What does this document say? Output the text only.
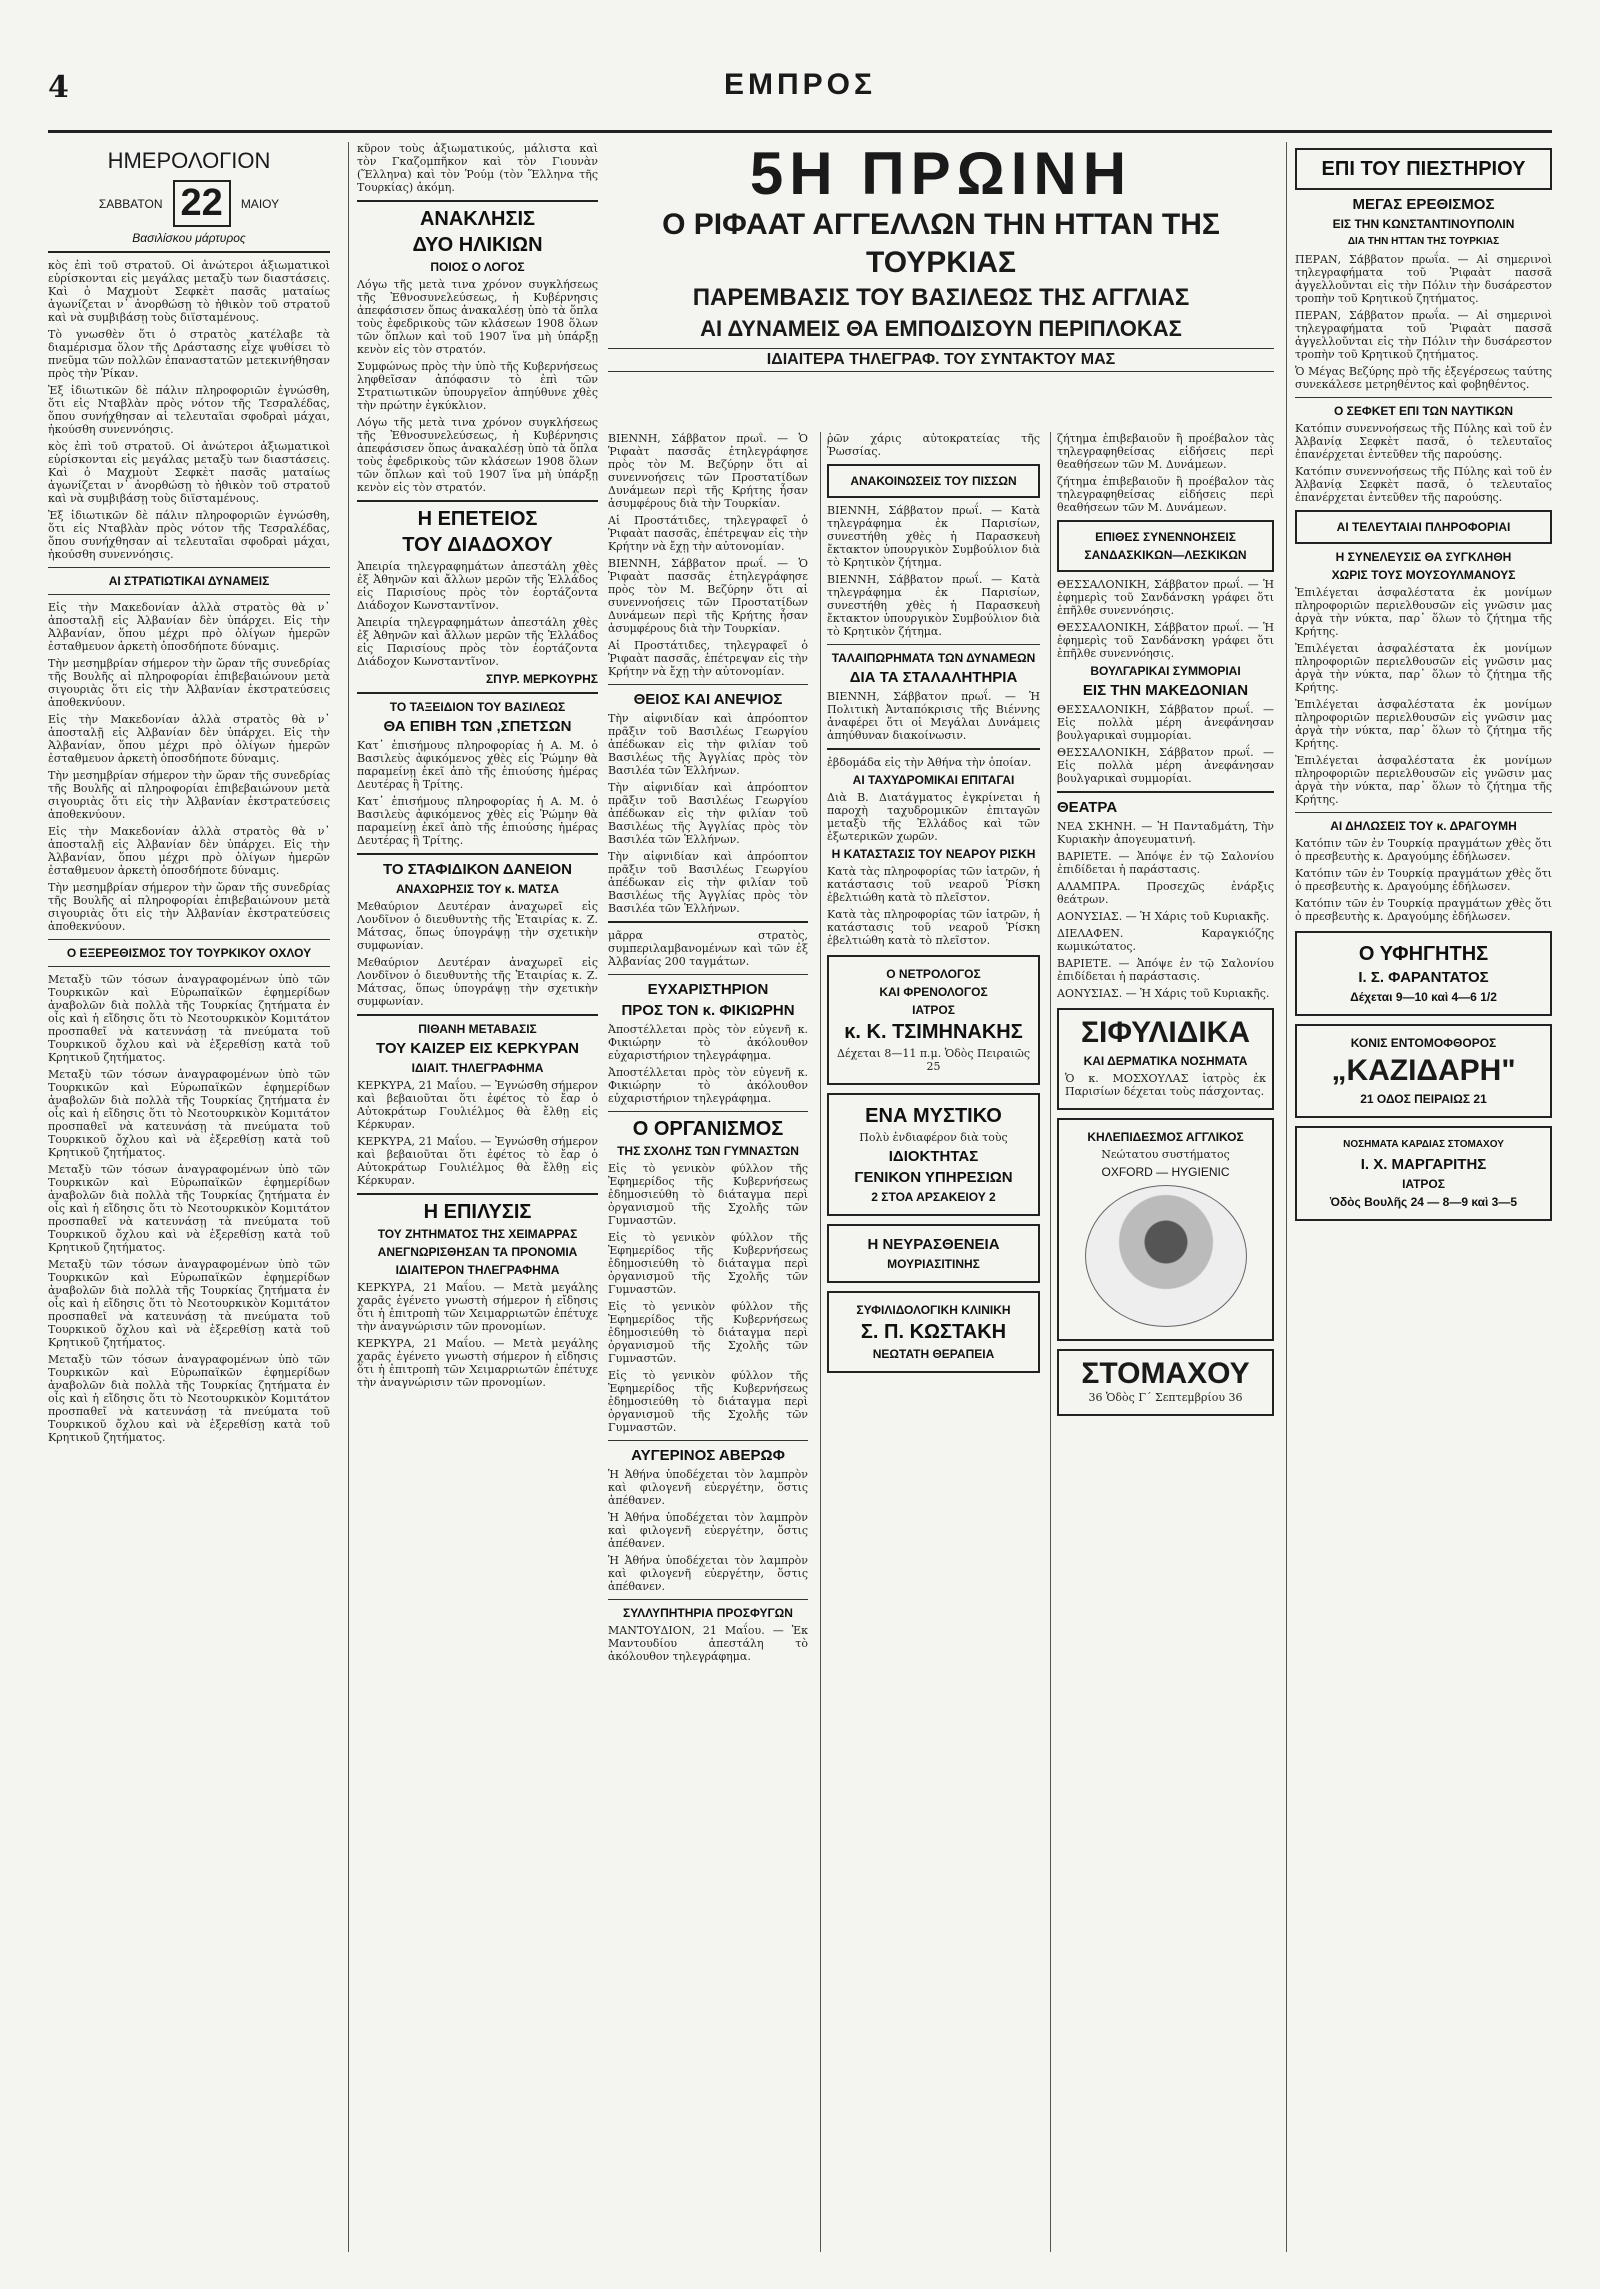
4	ΕΜΠΡΟΣ
ΗΜΕΡΟΛΟΓΙΟΝ
ΣΑΒΒΑΤΟΝ 22	ΜΑΙΟΥ
Βασιλίσκου μάρτυρος

κὸς ἐπὶ τοῦ στρατοῦ. Οἱ ἀνώτεροι ἀξιωματικοὶ εὑρίσκονται εἰς μεγάλας μεταξὺ των διαστάσεις. Καὶ ὁ Μαχμοὺτ Σεφκὲτ πασᾶς ματαίως ἀγωνίζεται ν᾿ ἀνορθώσῃ τὸ ἠθικὸν τοῦ στρατοῦ καὶ νὰ συμβιβάσῃ τοὺς διϊσταμένους.

Τὸ γνωσθὲν ὅτι ὁ στρατὸς κατέλαβε τὰ διαμέρισμα ὅλον τῆς Δράστασης εἶχε ψυθίσει τὸ πνεῦμα τῶν πολλῶν ἐπαναστατῶν μετεκινήθησαν πρὸς τὴν Ῥίκαν.

Ἐξ ἰδιωτικῶν δὲ πάλιν πληροφοριῶν ἐγνώσθη, ὅτι εἰς Νταβλὰν πρὸς νότον τῆς Τεσραλέδας, ὅπου συνήχθησαν αἱ τελευταῖαι σφοδραὶ μάχαι, ἠκούσθη συνεννόησις.

κὸς ἐπὶ τοῦ στρατοῦ. Οἱ ἀνώτεροι ἀξιωματικοὶ εὑρίσκονται εἰς μεγάλας μεταξὺ των διαστάσεις. Καὶ ὁ Μαχμοὺτ Σεφκὲτ πασᾶς ματαίως ἀγωνίζεται ν᾿ ἀνορθώσῃ τὸ ἠθικὸν τοῦ στρατοῦ καὶ νὰ συμβιβάσῃ τοὺς διϊσταμένους.

Ἐξ ἰδιωτικῶν δὲ πάλιν πληροφοριῶν ἐγνώσθη, ὅτι εἰς Νταβλὰν πρὸς νότον τῆς Τεσραλέδας, ὅπου συνήχθησαν αἱ τελευταῖαι σφοδραὶ μάχαι, ἠκούσθη συνεννόησις.

ΑΙ ΣΤΡΑΤΙΩΤΙΚΑΙ ΔΥΝΑΜΕΙΣ

Εἰς τὴν Μακεδονίαν ἀλλὰ στρατὸς θὰ ν᾿ ἀποσταλῇ εἰς Ἀλβανίαν δὲν ὑπάρχει. Εἰς τὴν Ἀλβανίαν, ὅπου μέχρι πρὸ ὀλίγων ἡμερῶν ἐσταθμευον ἀρκετὴ ὀποσδήποτε δύναμις.

Τὴν μεσημβρίαν σήμερον τὴν ὥραν τῆς συνεδρίας τῆς Βουλῆς αἱ πληροφορίαι ἐπιβεβαιώνουν μετὰ σιγουριὰς ὅτι εἰς τὴν Ἀλβανίαν ἐκστρατεύσεις ἀποθεκνύουν.

Εἰς τὴν Μακεδονίαν ἀλλὰ στρατὸς θὰ ν᾿ ἀποσταλῇ εἰς Ἀλβανίαν δὲν ὑπάρχει. Εἰς τὴν Ἀλβανίαν, ὅπου μέχρι πρὸ ὀλίγων ἡμερῶν ἐσταθμευον ἀρκετὴ ὀποσδήποτε δύναμις.

Τὴν μεσημβρίαν σήμερον τὴν ὥραν τῆς συνεδρίας τῆς Βουλῆς αἱ πληροφορίαι ἐπιβεβαιώνουν μετὰ σιγουριὰς ὅτι εἰς τὴν Ἀλβανίαν ἐκστρατεύσεις ἀποθεκνύουν.

Εἰς τὴν Μακεδονίαν ἀλλὰ στρατὸς θὰ ν᾿ ἀποσταλῇ εἰς Ἀλβανίαν δὲν ὑπάρχει. Εἰς τὴν Ἀλβανίαν, ὅπου μέχρι πρὸ ὀλίγων ἡμερῶν ἐσταθμευον ἀρκετὴ ὀποσδήποτε δύναμις.

Τὴν μεσημβρίαν σήμερον τὴν ὥραν τῆς συνεδρίας τῆς Βουλῆς αἱ πληροφορίαι ἐπιβεβαιώνουν μετὰ σιγουριὰς ὅτι εἰς τὴν Ἀλβανίαν ἐκστρατεύσεις ἀποθεκνύουν.

Ο ΕΞΕΡΕΘΙΣΜΟΣ ΤΟΥ ΤΟΥΡΚΙΚΟΥ ΟΧΛΟΥ

Μεταξὺ τῶν τόσων ἀναγραφομένων ὑπὸ τῶν Τουρκικῶν καὶ Εὐρωπαϊκῶν ἐφημερίδων ἀναβολῶν διὰ πολλὰ τῆς Τουρκίας ζητήματα ἐν οἷς καὶ ἡ εἴδησις ὅτι τὸ Νεοτουρκικὸν Κομιτάτον προσπαθεῖ νὰ κατευνάσῃ τὰ πνεύματα τοῦ Τουρκικοῦ ὄχλου καὶ νὰ ἐξερεθίσῃ κατὰ τοῦ Κρητικοῦ ζητήματος.

Μεταξὺ τῶν τόσων ἀναγραφομένων ὑπὸ τῶν Τουρκικῶν καὶ Εὐρωπαϊκῶν ἐφημερίδων ἀναβολῶν διὰ πολλὰ τῆς Τουρκίας ζητήματα ἐν οἷς καὶ ἡ εἴδησις ὅτι τὸ Νεοτουρκικὸν Κομιτάτον προσπαθεῖ νὰ κατευνάσῃ τὰ πνεύματα τοῦ Τουρκικοῦ ὄχλου καὶ νὰ ἐξερεθίσῃ κατὰ τοῦ Κρητικοῦ ζητήματος.

Μεταξὺ τῶν τόσων ἀναγραφομένων ὑπὸ τῶν Τουρκικῶν καὶ Εὐρωπαϊκῶν ἐφημερίδων ἀναβολῶν διὰ πολλὰ τῆς Τουρκίας ζητήματα ἐν οἷς καὶ ἡ εἴδησις ὅτι τὸ Νεοτουρκικὸν Κομιτάτον προσπαθεῖ νὰ κατευνάσῃ τὰ πνεύματα τοῦ Τουρκικοῦ ὄχλου καὶ νὰ ἐξερεθίσῃ κατὰ τοῦ Κρητικοῦ ζητήματος.

Μεταξὺ τῶν τόσων ἀναγραφομένων ὑπὸ τῶν Τουρκικῶν καὶ Εὐρωπαϊκῶν ἐφημερίδων ἀναβολῶν διὰ πολλὰ τῆς Τουρκίας ζητήματα ἐν οἷς καὶ ἡ εἴδησις ὅτι τὸ Νεοτουρκικὸν Κομιτάτον προσπαθεῖ νὰ κατευνάσῃ τὰ πνεύματα τοῦ Τουρκικοῦ ὄχλου καὶ νὰ ἐξερεθίσῃ κατὰ τοῦ Κρητικοῦ ζητήματος.

Μεταξὺ τῶν τόσων ἀναγραφομένων ὑπὸ τῶν Τουρκικῶν καὶ Εὐρωπαϊκῶν ἐφημερίδων ἀναβολῶν διὰ πολλὰ τῆς Τουρκίας ζητήματα ἐν οἷς καὶ ἡ εἴδησις ὅτι τὸ Νεοτουρκικὸν Κομιτάτον προσπαθεῖ νὰ κατευνάσῃ τὰ πνεύματα τοῦ Τουρκικοῦ ὄχλου καὶ νὰ ἐξερεθίσῃ κατὰ τοῦ Κρητικοῦ ζητήματος.

κῦρον τοὺς ἀξιωματικούς, μάλιστα καὶ τὸν Γκαζομπῆκον καὶ τὸν Γιουνὰν (Ἕλληνα) καὶ τὸν Ῥούμ (τὸν Ἕλληνα τῆς Τουρκίας) ἀκόμη.

ΑΝΑΚΛΗΣΙΣ
ΔΥΟ ΗΛΙΚΙΩΝ
ΠΟΙΟΣ Ο ΛΟΓΟΣ

Λόγω τῆς μετὰ τινα χρόνον συγκλήσεως τῆς Ἐθνοσυνελεύσεως, ἡ Κυβέρνησις ἀπεφάσισεν ὅπως ἀνακαλέσῃ ὑπὸ τὰ ὅπλα τοὺς ἐφεδρικοὺς τῶν κλάσεων 1908 ὅλων τῶν ὅπλων καὶ τοῦ 1907 ἵνα μὴ ὑπάρξῃ κενὸν εἰς τὸν στρατόν.

Συμφώνως πρὸς τὴν ὑπὸ τῆς Κυβερνήσεως ληφθεῖσαν ἀπόφασιν τὸ ἐπὶ τῶν Στρατιωτικῶν ὑπουργεῖον ἀπηύθυνε χθὲς τὴν πρώτην ἐγκύκλιον.

Λόγω τῆς μετὰ τινα χρόνον συγκλήσεως τῆς Ἐθνοσυνελεύσεως, ἡ Κυβέρνησις ἀπεφάσισεν ὅπως ἀνακαλέσῃ ὑπὸ τὰ ὅπλα τοὺς ἐφεδρικοὺς τῶν κλάσεων 1908 ὅλων τῶν ὅπλων καὶ τοῦ 1907 ἵνα μὴ ὑπάρξῃ κενὸν εἰς τὸν στρατόν.

Η ΕΠΕΤΕΙΟΣ
ΤΟΥ ΔΙΑΔΟΧΟΥ

Ἀπειρία τηλεγραφημάτων ἀπεστάλη χθὲς ἐξ Ἀθηνῶν καὶ ἄλλων μερῶν τῆς Ἑλλάδος εἰς Παρισίους πρὸς τὸν ἑορτάζοντα Διάδοχον Κωνσταντῖνον.

Ἀπειρία τηλεγραφημάτων ἀπεστάλη χθὲς ἐξ Ἀθηνῶν καὶ ἄλλων μερῶν τῆς Ἑλλάδος εἰς Παρισίους πρὸς τὸν ἑορτάζοντα Διάδοχον Κωνσταντῖνον.

ΣΠΥΡ. ΜΕΡΚΟΥΡΗΣ
ΤΟ ΤΑΞΕΙΔΙΟΝ ΤΟΥ ΒΑΣΙΛΕΩΣ
ΘΑ ΕΠΙΒΗ ΤΩΝ ,ΣΠΕΤΣΩΝ

Κατ᾿ ἐπισήμους πληροφορίας ἡ Α. Μ. ὁ Βασιλεὺς ἀφικόμενος χθὲς εἰς Ῥώμην θὰ παραμείνῃ ἐκεῖ ἀπὸ τῆς ἐπιούσης ἡμέρας Δευτέρας ἢ Τρίτης.

Κατ᾿ ἐπισήμους πληροφορίας ἡ Α. Μ. ὁ Βασιλεὺς ἀφικόμενος χθὲς εἰς Ῥώμην θὰ παραμείνῃ ἐκεῖ ἀπὸ τῆς ἐπιούσης ἡμέρας Δευτέρας ἢ Τρίτης.

ΤΟ ΣΤΑΦΙΔΙΚΟΝ ΔΑΝΕΙΟΝ
ΑΝΑΧΩΡΗΣΙΣ ΤΟΥ κ. ΜΑΤΣΑ

Μεθαύριον Δευτέραν ἀναχωρεῖ εἰς Λονδῖνον ὁ διευθυντὴς τῆς Ἑταιρίας κ. Ζ. Μάτσας, ὅπως ὑπογράψῃ τὴν σχετικὴν συμφωνίαν.

Μεθαύριον Δευτέραν ἀναχωρεῖ εἰς Λονδῖνον ὁ διευθυντὴς τῆς Ἑταιρίας κ. Ζ. Μάτσας, ὅπως ὑπογράψῃ τὴν σχετικὴν συμφωνίαν.

ΠΙΘΑΝΗ ΜΕΤΑΒΑΣΙΣ
ΤΟΥ ΚΑΙΖΕΡ ΕΙΣ ΚΕΡΚΥΡΑΝ
ΙΔΙΑΙΤ. ΤΗΛΕΓΡΑΦΗΜΑ

ΚΕΡΚΥΡΑ, 21 Μαΐου. — Ἐγνώσθη σήμερον καὶ βεβαιοῦται ὅτι ἐφέτος τὸ ἔαρ ὁ Αὐτοκράτωρ Γουλιέλμος θὰ ἔλθῃ εἰς Κέρκυραν.

ΚΕΡΚΥΡΑ, 21 Μαΐου. — Ἐγνώσθη σήμερον καὶ βεβαιοῦται ὅτι ἐφέτος τὸ ἔαρ ὁ Αὐτοκράτωρ Γουλιέλμος θὰ ἔλθῃ εἰς Κέρκυραν.

Η ΕΠΙΛΥΣΙΣ
ΤΟΥ ΖΗΤΗΜΑΤΟΣ ΤΗΣ ΧΕΙΜΑΡΡΑΣ
ΑΝΕΓΝΩΡΙΣΘΗΣΑΝ ΤΑ ΠΡΟΝΟΜΙΑ
ΙΔΙΑΙΤΕΡΟΝ ΤΗΛΕΓΡΑΦΗΜΑ

ΚΕΡΚΥΡΑ, 21 Μαΐου. — Μετὰ μεγάλης χαρᾶς ἐγένετο γνωστὴ σήμερον ἡ εἴδησις ὅτι ἡ ἐπιτροπὴ τῶν Χειμαρριωτῶν ἐπέτυχε τὴν ἀναγνώρισιν τῶν προνομίων.

ΚΕΡΚΥΡΑ, 21 Μαΐου. — Μετὰ μεγάλης χαρᾶς ἐγένετο γνωστὴ σήμερον ἡ εἴδησις ὅτι ἡ ἐπιτροπὴ τῶν Χειμαρριωτῶν ἐπέτυχε τὴν ἀναγνώρισιν τῶν προνομίων.

5Η ΠΡΩΙΝΗ
Ο ΡΙΦΑΑΤ ΑΓΓΕΛΛΩΝ ΤΗΝ ΗΤΤΑΝ ΤΗΣ ΤΟΥΡΚΙΑΣ
ΠΑΡΕΜΒΑΣΙΣ ΤΟΥ ΒΑΣΙΛΕΩΣ ΤΗΣ ΑΓΓΛΙΑΣ
ΑΙ ΔΥΝΑΜΕΙΣ ΘΑ ΕΜΠΟΔΙΣΟΥΝ ΠΕΡΙΠΛΟΚΑΣ
ΙΔΙΑΙΤΕΡΑ ΤΗΛΕΓΡΑΦ. ΤΟΥ ΣΥΝΤΑΚΤΟΥ ΜΑΣ

ΒΙΕΝΝΗ, Σάββατον πρωΐ. — Ὁ Ῥιφαὰτ πασσᾶς ἐτηλεγράφησε πρὸς τὸν Μ. Βεζύρην ὅτι αἱ συνεννοήσεις τῶν Προστατίδων Δυνάμεων περὶ τῆς Κρήτης ἦσαν ἀσυμφέρους διὰ τὴν Τουρκίαν.

Αἱ Προστάτιδες, τηλεγραφεῖ ὁ Ῥιφαὰτ πασσᾶς, ἐπέτρεψαν εἰς τὴν Κρήτην νὰ ἔχῃ τὴν αὐτονομίαν.

ΒΙΕΝΝΗ, Σάββατον πρωΐ. — Ὁ Ῥιφαὰτ πασσᾶς ἐτηλεγράφησε πρὸς τὸν Μ. Βεζύρην ὅτι αἱ συνεννοήσεις τῶν Προστατίδων Δυνάμεων περὶ τῆς Κρήτης ἦσαν ἀσυμφέρους διὰ τὴν Τουρκίαν.

Αἱ Προστάτιδες, τηλεγραφεῖ ὁ Ῥιφαὰτ πασσᾶς, ἐπέτρεψαν εἰς τὴν Κρήτην νὰ ἔχῃ τὴν αὐτονομίαν.

ΘΕΙΟΣ ΚΑΙ ΑΝΕΨΙΟΣ

Τὴν αἰφνιδίαν καὶ ἀπρόοπτον πρᾶξιν τοῦ Βασιλέως Γεωργίου ἀπέδωκαν εἰς τὴν φιλίαν τοῦ Βασιλέως τῆς Ἀγγλίας πρὸς τὸν Βασιλέα τῶν Ἑλλήνων.

Τὴν αἰφνιδίαν καὶ ἀπρόοπτον πρᾶξιν τοῦ Βασιλέως Γεωργίου ἀπέδωκαν εἰς τὴν φιλίαν τοῦ Βασιλέως τῆς Ἀγγλίας πρὸς τὸν Βασιλέα τῶν Ἑλλήνων.

Τὴν αἰφνιδίαν καὶ ἀπρόοπτον πρᾶξιν τοῦ Βασιλέως Γεωργίου ἀπέδωκαν εἰς τὴν φιλίαν τοῦ Βασιλέως τῆς Ἀγγλίας πρὸς τὸν Βασιλέα τῶν Ἑλλήνων.

μᾶρρα στρατὸς, συμπεριλαμβανομένων καὶ τῶν ἐξ Ἀλβανίας 200 ταγμάτων.

ΕΥΧΑΡΙΣΤΗΡΙΟΝ
ΠΡΟΣ ΤΟΝ κ. ΦΙΚΙΩΡΗΝ

Ἀποστέλλεται πρὸς τὸν εὐγενῆ κ. Φικιώρην τὸ ἀκόλουθον εὐχαριστήριον τηλεγράφημα.

Ἀποστέλλεται πρὸς τὸν εὐγενῆ κ. Φικιώρην τὸ ἀκόλουθον εὐχαριστήριον τηλεγράφημα.

Ο ΟΡΓΑΝΙΣΜΟΣ
ΤΗΣ ΣΧΟΛΗΣ ΤΩΝ ΓΥΜΝΑΣΤΩΝ

Εἰς τὸ γενικὸν φύλλον τῆς Ἐφημερίδος τῆς Κυβερνήσεως ἐδημοσιεύθη τὸ διάταγμα περὶ ὀργανισμοῦ τῆς Σχολῆς τῶν Γυμναστῶν.

Εἰς τὸ γενικὸν φύλλον τῆς Ἐφημερίδος τῆς Κυβερνήσεως ἐδημοσιεύθη τὸ διάταγμα περὶ ὀργανισμοῦ τῆς Σχολῆς τῶν Γυμναστῶν.

Εἰς τὸ γενικὸν φύλλον τῆς Ἐφημερίδος τῆς Κυβερνήσεως ἐδημοσιεύθη τὸ διάταγμα περὶ ὀργανισμοῦ τῆς Σχολῆς τῶν Γυμναστῶν.

Εἰς τὸ γενικὸν φύλλον τῆς Ἐφημερίδος τῆς Κυβερνήσεως ἐδημοσιεύθη τὸ διάταγμα περὶ ὀργανισμοῦ τῆς Σχολῆς τῶν Γυμναστῶν.

ΑΥΓΕΡΙΝΟΣ ΑΒΕΡΩΦ

Ἡ Ἀθήνα ὑποδέχεται τὸν λαμπρὸν καὶ φιλογενῆ εὐεργέτην, ὅστις ἀπέθανεν.

Ἡ Ἀθήνα ὑποδέχεται τὸν λαμπρὸν καὶ φιλογενῆ εὐεργέτην, ὅστις ἀπέθανεν.

Ἡ Ἀθήνα ὑποδέχεται τὸν λαμπρὸν καὶ φιλογενῆ εὐεργέτην, ὅστις ἀπέθανεν.

ΣΥΛΛΥΠΗΤΗΡΙΑ ΠΡΟΣΦΥΓΩΝ

ΜΑΝΤΟΥΔΙΟΝ, 21 Μαΐου. — Ἐκ Μαντουδίου ἀπεστάλη τὸ ἀκόλουθον τηλεγράφημα.

ῥῶν χάρις αὐτοκρατείας τῆς Ῥωσσίας.

ΑΝΑΚΟΙΝΩΣΕΙΣ ΤΟΥ ΠΙΣΣΩΝ

ΒΙΕΝΝΗ, Σάββατον πρωΐ. — Κατὰ τηλεγράφημα ἐκ Παρισίων, συνεστήθη χθὲς ἡ Παρασκευὴ ἔκτακτον ὑπουργικὸν Συμβούλιον διὰ τὸ Κρητικὸν ζήτημα.

ΒΙΕΝΝΗ, Σάββατον πρωΐ. — Κατὰ τηλεγράφημα ἐκ Παρισίων, συνεστήθη χθὲς ἡ Παρασκευὴ ἔκτακτον ὑπουργικὸν Συμβούλιον διὰ τὸ Κρητικὸν ζήτημα.

ΤΑΛΑΙΠΩΡΗΜΑΤΑ ΤΩΝ ΔΥΝΑΜΕΩΝ
ΔΙΑ ΤΑ ΣΤΑΛΑΛΗΤΗΡΙΑ

ΒΙΕΝΝΗ, Σάββατον πρωΐ. — Ἡ Πολιτικὴ Ἀνταπόκρισις τῆς Βιέννης ἀναφέρει ὅτι οἱ Μεγάλαι Δυνάμεις ἀπηύθυναν διακοίνωσιν.

ἐβδομάδα εἰς τὴν Ἀθήνα τὴν ὁποίαν.

ΑΙ ΤΑΧΥΔΡΟΜΙΚΑΙ ΕΠΙΤΑΓΑΙ

Διὰ Β. Διατάγματος ἐγκρίνεται ἡ παροχὴ ταχυδρομικῶν ἐπιταγῶν μεταξὺ τῆς Ἑλλάδος καὶ τῶν ἐξωτερικῶν χωρῶν.

Η ΚΑΤΑΣΤΑΣΙΣ ΤΟΥ ΝΕΑΡΟΥ ΡΙΣΚΗ

Κατὰ τὰς πληροφορίας τῶν ἰατρῶν, ἡ κατάστασις τοῦ νεαροῦ Ῥίσκη ἐβελτιώθη κατὰ τὸ πλεῖστον.

Κατὰ τὰς πληροφορίας τῶν ἰατρῶν, ἡ κατάστασις τοῦ νεαροῦ Ῥίσκη ἐβελτιώθη κατὰ τὸ πλεῖστον.

Ο ΝΕΤΡΟΛΟΓΟΣ
ΚΑΙ ΦΡΕΝΟΛΟΓΟΣ
ΙΑΤΡΟΣ
κ. Κ. ΤΣΙΜΗΝΑΚΗΣ
Δέχεται 8—11 π.μ. Ὁδὸς Πειραιῶς 25
ΕΝΑ ΜΥΣΤΙΚΟ
Πολὺ ἐνδιαφέρον διὰ τοὺς
ΙΔΙΟΚΤΗΤΑΣ
ΓΕΝΙΚΟΝ ΥΠΗΡΕΣΙΩΝ
2 ΣΤΟΑ ΑΡΣΑΚΕΙΟΥ 2
Η ΝΕΥΡΑΣΘΕΝΕΙΑ
ΜΟΥΡΙΑΣΙΤΙΝΗΣ
ΣΥΦΙΛΙΔΟΛΟΓΙΚΗ ΚΛΙΝΙΚΗ
Σ. Π. ΚΩΣΤΑΚΗ
ΝΕΩΤΑΤΗ ΘΕΡΑΠΕΙΑ

ζήτημα ἐπιβεβαιοῦν ἢ προέβαλον τὰς τηλεγραφηθείσας εἰδήσεις περὶ θεαθήσεων τῶν Μ. Δυνάμεων.

ζήτημα ἐπιβεβαιοῦν ἢ προέβαλον τὰς τηλεγραφηθείσας εἰδήσεις περὶ θεαθήσεων τῶν Μ. Δυνάμεων.

ΕΠΙΘΕΣ ΣΥΝΕΝΝΟΗΣΕΙΣ
ΣΑΝΔΑΣΚΙΚΩΝ—ΛΕΣΚΙΚΩΝ

ΘΕΣΣΑΛΟΝΙΚΗ, Σάββατον πρωΐ. — Ἡ ἐφημερὶς τοῦ Σανδάνσκη γράφει ὅτι ἐπῆλθε συνεννόησις.

ΘΕΣΣΑΛΟΝΙΚΗ, Σάββατον πρωΐ. — Ἡ ἐφημερὶς τοῦ Σανδάνσκη γράφει ὅτι ἐπῆλθε συνεννόησις.

ΒΟΥΛΓΑΡΙΚΑΙ ΣΥΜΜΟΡΙΑΙ
ΕΙΣ ΤΗΝ ΜΑΚΕΔΟΝΙΑΝ

ΘΕΣΣΑΛΟΝΙΚΗ, Σάββατον πρωΐ. — Εἰς πολλὰ μέρη ἀνεφάνησαν βουλγαρικαὶ συμμορίαι.

ΘΕΣΣΑΛΟΝΙΚΗ, Σάββατον πρωΐ. — Εἰς πολλὰ μέρη ἀνεφάνησαν βουλγαρικαὶ συμμορίαι.

ΘΕΑΤΡΑ

ΝΕΑ ΣΚΗΝΗ. — Ἡ Πανταδμάτη, Τὴν Κυριακὴν ἀπογευματινή.

ΒΑΡΙΕΤΕ. — Ἀπόψε ἐν τῷ Σαλονίου ἐπιδίδεται ἡ παράστασις.

ΑΛΑΜΠΡΑ. Προσεχῶς ἐνάρξις θεάτρων.

ΑΟΝΥΣΙΑΣ. — Ἡ Χάρις τοῦ Κυριακῆς.

ΔΙΕΛΑΦΕΝ. Καραγκιόζης κωμικώτατος.

ΒΑΡΙΕΤΕ. — Ἀπόψε ἐν τῷ Σαλονίου ἐπιδίδεται ἡ παράστασις.

ΑΟΝΥΣΙΑΣ. — Ἡ Χάρις τοῦ Κυριακῆς.

ΣΙΦΥΛΙΔΙΚΑ
ΚΑΙ ΔΕΡΜΑΤΙΚΑ ΝΟΣΗΜΑΤΑ

Ὁ κ. ΜΟΣΧΟΥΛΑΣ ἰατρὸς ἐκ Παρισίων δέχεται τοὺς πάσχοντας.

ΚΗΛΕΠΙΔΕΣΜΟΣ ΑΓΓΛΙΚΟΣ
Νεώτατου συστήματος
OXFORD — HYGIENIC
ΣΤΟΜΑΧΟΥ
36 Ὁδὸς Γ΄ Σεπτεμβρίου 36
ΕΠΙ ΤΟΥ ΠΙΕΣΤΗΡΙΟΥ
ΜΕΓΑΣ ΕΡΕΘΙΣΜΟΣ
ΕΙΣ ΤΗΝ ΚΩΝΣΤΑΝΤΙΝΟΥΠΟΛΙΝ
ΔΙΑ ΤΗΝ ΗΤΤΑΝ ΤΗΣ ΤΟΥΡΚΙΑΣ

ΠΕΡΑΝ, Σάββατον πρωΐα. — Αἱ σημερινοὶ τηλεγραφήματα τοῦ Ῥιφαὰτ πασσᾶ ἀγγελλοῦνται εἰς τὴν Πόλιν τὴν δυσάρεστον τροπὴν τοῦ Κρητικοῦ ζητήματος.

ΠΕΡΑΝ, Σάββατον πρωΐα. — Αἱ σημερινοὶ τηλεγραφήματα τοῦ Ῥιφαὰτ πασσᾶ ἀγγελλοῦνται εἰς τὴν Πόλιν τὴν δυσάρεστον τροπὴν τοῦ Κρητικοῦ ζητήματος.

Ὁ Μέγας Βεζύρης πρὸ τῆς ἐξεγέρσεως ταύτης συνεκάλεσε μετρηθέντος καὶ φοβηθέντος.

Ο ΣΕΦΚΕΤ ΕΠΙ ΤΩΝ ΝΑΥΤΙΚΩΝ

Κατόπιν συνεννοήσεως τῆς Πύλης καὶ τοῦ ἐν Ἀλβανίᾳ Σεφκὲτ πασᾶ, ὁ τελευταῖος ἐπανέρχεται ἐντεῦθεν τῆς παρούσης.

Κατόπιν συνεννοήσεως τῆς Πύλης καὶ τοῦ ἐν Ἀλβανίᾳ Σεφκὲτ πασᾶ, ὁ τελευταῖος ἐπανέρχεται ἐντεῦθεν τῆς παρούσης.

ΑΙ ΤΕΛΕΥΤΑΙΑΙ ΠΛΗΡΟΦΟΡΙΑΙ
Η ΣΥΝΕΛΕΥΣΙΣ ΘΑ ΣΥΓΚΛΗΘΗ
ΧΩΡΙΣ ΤΟΥΣ ΜΟΥΣΟΥΛΜΑΝΟΥΣ

Ἐπιλέγεται ἀσφαλέστατα ἐκ μονίμων πληροφοριῶν περιελθουσῶν εἰς γνῶσιν μας ἀργὰ τὴν νύκτα, παρ᾿ ὅλων τὸ ζήτημα τῆς Κρήτης.

Ἐπιλέγεται ἀσφαλέστατα ἐκ μονίμων πληροφοριῶν περιελθουσῶν εἰς γνῶσιν μας ἀργὰ τὴν νύκτα, παρ᾿ ὅλων τὸ ζήτημα τῆς Κρήτης.

Ἐπιλέγεται ἀσφαλέστατα ἐκ μονίμων πληροφοριῶν περιελθουσῶν εἰς γνῶσιν μας ἀργὰ τὴν νύκτα, παρ᾿ ὅλων τὸ ζήτημα τῆς Κρήτης.

Ἐπιλέγεται ἀσφαλέστατα ἐκ μονίμων πληροφοριῶν περιελθουσῶν εἰς γνῶσιν μας ἀργὰ τὴν νύκτα, παρ᾿ ὅλων τὸ ζήτημα τῆς Κρήτης.

ΑΙ ΔΗΛΩΣΕΙΣ ΤΟΥ κ. ΔΡΑΓΟΥΜΗ

Κατόπιν τῶν ἐν Τουρκίᾳ πραγμάτων χθὲς ὅτι ὁ πρεσβευτὴς κ. Δραγούμης ἐδήλωσεν.

Κατόπιν τῶν ἐν Τουρκίᾳ πραγμάτων χθὲς ὅτι ὁ πρεσβευτὴς κ. Δραγούμης ἐδήλωσεν.

Κατόπιν τῶν ἐν Τουρκίᾳ πραγμάτων χθὲς ὅτι ὁ πρεσβευτὴς κ. Δραγούμης ἐδήλωσεν.

Ο ΥΦΗΓΗΤΗΣ
Ι. Σ. ΦΑΡΑΝΤΑΤΟΣ
Δέχεται 9—10 καὶ 4—6 1/2
ΚΟΝΙΣ ΕΝΤΟΜΟΦΘΟΡΟΣ
„ΚΑΖΙΔΑΡΗ"
21 ΟΔΟΣ ΠΕΙΡΑΙΩΣ 21
ΝΟΣΗΜΑΤΑ ΚΑΡΔΙΑΣ ΣΤΟΜΑΧΟΥ
Ι. Χ. ΜΑΡΓΑΡΙΤΗΣ
ΙΑΤΡΟΣ
Ὁδὸς Βουλῆς 24 — 8—9 καὶ 3—5
